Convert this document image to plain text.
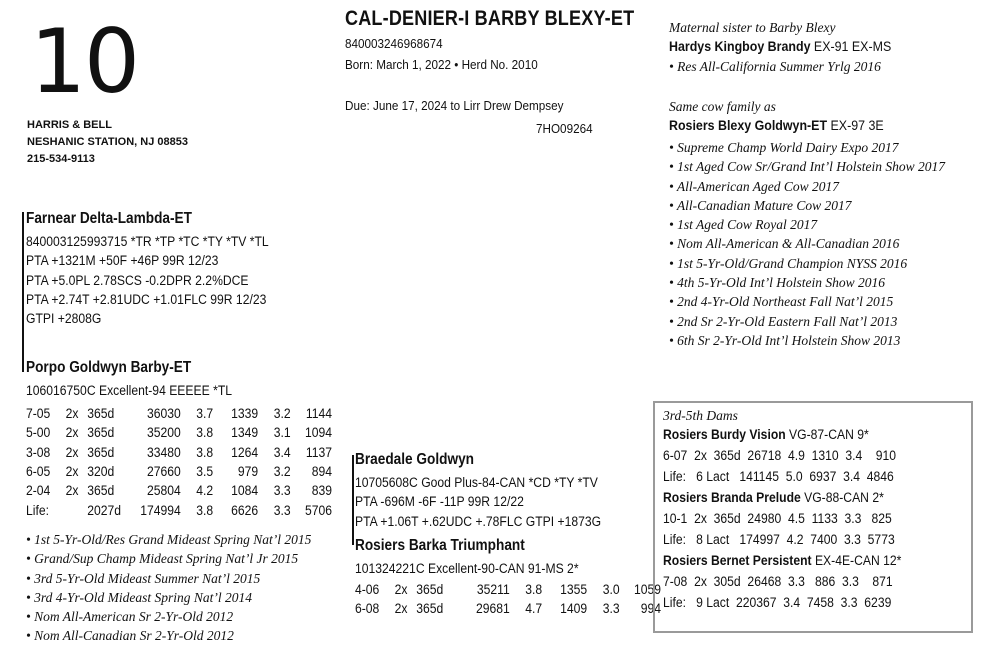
10
HARRIS & BELL
NESHANIC STATION, NJ 08853
215-534-9113
CAL-DENIER-I BARBY BLEXY-ET
840003246968674
Born: March 1, 2022 • Herd No. 2010
Due: June 17, 2024 to Lirr Drew Dempsey
7HO09264
Farnear Delta-Lambda-ET
840003125993715 *TR *TP *TC *TY *TV *TL
PTA +1321M +50F +46P 99R 12/23
PTA +5.0PL 2.78SCS -0.2DPR 2.2%DCE
PTA +2.74T +2.81UDC +1.01FLC 99R 12/23
GTPI +2808G
Porpo Goldwyn Barby-ET
106016750C Excellent-94 EEEEE *TL
7-05	2x	365d	36030	3.7	1339	3.2	1144
5-00	2x	365d	35200	3.8	1349	3.1	1094
3-08	2x	365d	33480	3.8	1264	3.4	1137
6-05	2x	320d	27660	3.5	979	3.2	894
2-04	2x	365d	25804	4.2	1084	3.3	839
Life:		2027d	174994	3.8	6626	3.3	5706
• 1st 5-Yr-Old/Res Grand Mideast Spring Nat’l 2015
• Grand/Sup Champ Mideast Spring Nat’l Jr 2015
• 3rd 5-Yr-Old Mideast Summer Nat’l 2015
• 3rd 4-Yr-Old Mideast Spring Nat’l 2014
• Nom All-American Sr 2-Yr-Old 2012
• Nom All-Canadian Sr 2-Yr-Old 2012
Braedale Goldwyn
10705608C Good Plus-84-CAN *CD *TY *TV
PTA -696M -6F -11P 99R 12/22
PTA +1.06T +.62UDC +.78FLC GTPI +1873G
Rosiers Barka Triumphant
101324221C Excellent-90-CAN 91-MS 2*
4-06	2x	365d	35211	3.8	1355	3.0	1059
6-08	2x	365d	29681	4.7	1409	3.3	994
Maternal sister to Barby Blexy
Hardys Kingboy Brandy EX-91 EX-MS
• Res All-California Summer Yrlg 2016
Same cow family as
Rosiers Blexy Goldwyn-ET EX-97 3E
• Supreme Champ World Dairy Expo 2017
• 1st Aged Cow Sr/Grand Int’l Holstein Show 2017
• All-American Aged Cow 2017
• All-Canadian Mature Cow 2017
• 1st Aged Cow Royal 2017
• Nom All-American & All-Canadian 2016
• 1st 5-Yr-Old/Grand Champion NYSS 2016
• 4th 5-Yr-Old Int’l Holstein Show 2016
• 2nd 4-Yr-Old Northeast Fall Nat’l 2015
• 2nd Sr 2-Yr-Old Eastern Fall Nat’l 2013
• 6th Sr 2-Yr-Old Int’l Holstein Show 2013
3rd-5th Dams
Rosiers Burdy Vision VG-87-CAN 9*
6-07  2x  365d  26718  4.9  1310  3.4    910
Life:   6 Lact   141145  5.0  6937  3.4  4846
Rosiers Branda Prelude VG-88-CAN 2*
10-1  2x  365d  24980  4.5  1133  3.3   825
Life:   8 Lact   174997  4.2  7400  3.3  5773
Rosiers Bernet Persistent EX-4E-CAN 12*
7-08  2x  305d  26468  3.3   886  3.3    871
Life:   9 Lact  220367  3.4  7458  3.3  6239
